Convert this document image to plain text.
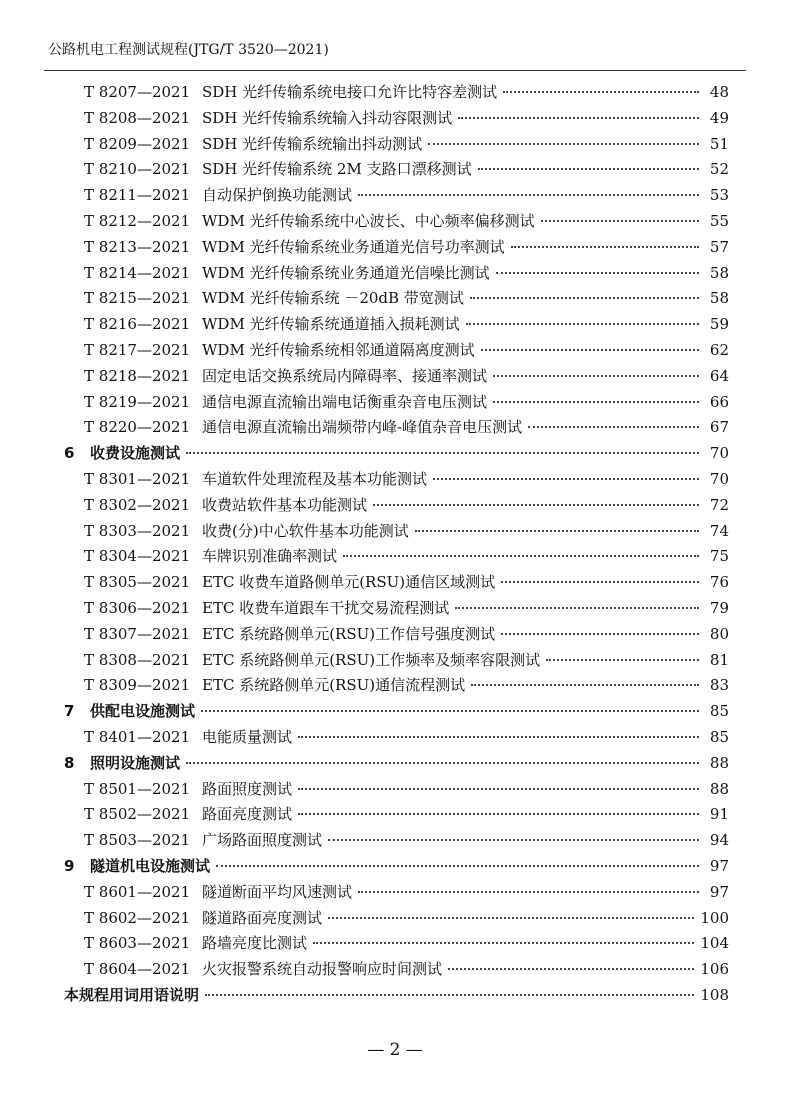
公路机电工程测试规程(JTG/T 3520—2021)
T 8207—2021 SDH 光纤传输系统电接口允许比特容差测试	48
T 8208—2021 SDH 光纤传输系统输入抖动容限测试	49
T 8209—2021 SDH 光纤传输系统输出抖动测试	51
T 8210—2021 SDH 光纤传输系统 2M 支路口漂移测试	52
T 8211—2021 自动保护倒换功能测试	53
T 8212—2021 WDM 光纤传输系统中心波长、中心频率偏移测试	55
T 8213—2021 WDM 光纤传输系统业务通道光信号功率测试	57
T 8214—2021 WDM 光纤传输系统业务通道光信噪比测试	58
T 8215—2021 WDM 光纤传输系统 －20dB 带宽测试	58
T 8216—2021 WDM 光纤传输系统通道插入损耗测试	59
T 8217—2021 WDM 光纤传输系统相邻通道隔离度测试	62
T 8218—2021 固定电话交换系统局内障碍率、接通率测试	64
T 8219—2021 通信电源直流输出端电话衡重杂音电压测试	66
T 8220—2021 通信电源直流输出端频带内峰-峰值杂音电压测试	67
6	收费设施测试	70
T 8301—2021 车道软件处理流程及基本功能测试	70
T 8302—2021 收费站软件基本功能测试	72
T 8303—2021 收费(分)中心软件基本功能测试	74
T 8304—2021 车牌识别准确率测试	75
T 8305—2021 ETC 收费车道路侧单元(RSU)通信区域测试	76
T 8306—2021 ETC 收费车道跟车干扰交易流程测试	79
T 8307—2021 ETC 系统路侧单元(RSU)工作信号强度测试	80
T 8308—2021 ETC 系统路侧单元(RSU)工作频率及频率容限测试	81
T 8309—2021 ETC 系统路侧单元(RSU)通信流程测试	83
7	供配电设施测试	85
T 8401—2021 电能质量测试	85
8	照明设施测试	88
T 8501—2021 路面照度测试	88
T 8502—2021 路面亮度测试	91
T 8503—2021 广场路面照度测试	94
9	隧道机电设施测试	97
T 8601—2021 隧道断面平均风速测试	97
T 8602—2021 隧道路面亮度测试	100
T 8603—2021 路墙亮度比测试	104
T 8604—2021 火灾报警系统自动报警响应时间测试	106
本规程用词用语说明	108
— 2 —
